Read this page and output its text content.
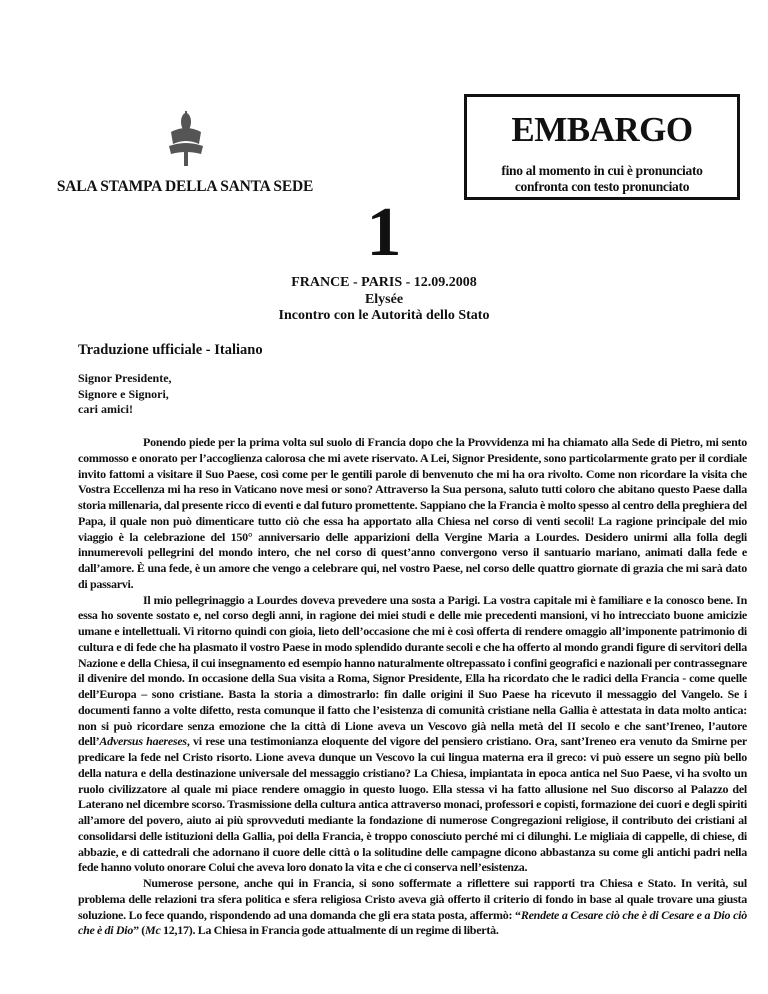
SALA STAMPA DELLA SANTA SEDE
EMBARGO
fino al momento in cui è pronunciato
confronta con testo pronunciato
1
FRANCE - PARIS - 12.09.2008
Elysée
Incontro con le Autorità dello Stato
Traduzione ufficiale - Italiano
Signor Presidente,
Signore e Signori,
cari amici!

Ponendo piede per la prima volta sul suolo di Francia dopo che la Provvidenza mi ha chiamato alla Sede di Pietro, mi sento commosso e onorato per l’accoglienza calorosa che mi avete riservato. A Lei, Signor Presidente, sono particolarmente grato per il cordiale invito fattomi a visitare il Suo Paese, così come per le gentili parole di benvenuto che mi ha ora rivolto. Come non ricordare la visita che Vostra Eccellenza mi ha reso in Vaticano nove mesi or sono? Attraverso la Sua persona, saluto tutti coloro che abitano questo Paese dalla storia millenaria, dal presente ricco di eventi e dal futuro promettente. Sappiano che la Francia è molto spesso al centro della preghiera del Papa, il quale non può dimenticare tutto ciò che essa ha apportato alla Chiesa nel corso di venti secoli! La ragione principale del mio viaggio è la celebrazione del 150° anniversario delle apparizioni della Vergine Maria a Lourdes. Desidero unirmi alla folla degli innumerevoli pellegrini del mondo intero, che nel corso di quest’anno convergono verso il santuario mariano, animati dalla fede e dall’amore. È una fede, è un amore che vengo a celebrare qui, nel vostro Paese, nel corso delle quattro giornate di grazia che mi sarà dato di passarvi.

Il mio pellegrinaggio a Lourdes doveva prevedere una sosta a Parigi. La vostra capitale mi è familiare e la conosco bene. In essa ho sovente sostato e, nel corso degli anni, in ragione dei miei studi e delle mie precedenti mansioni, vi ho intrecciato buone amicizie umane e intellettuali. Vi ritorno quindi con gioia, lieto dell’occasione che mi è così offerta di rendere omaggio all’imponente patrimonio di cultura e di fede che ha plasmato il vostro Paese in modo splendido durante secoli e che ha offerto al mondo grandi figure di servitori della Nazione e della Chiesa, il cui insegnamento ed esempio hanno naturalmente oltrepassato i confini geografici e nazionali per contrassegnare il divenire del mondo. In occasione della Sua visita a Roma, Signor Presidente, Ella ha ricordato che le radici della Francia - come quelle dell’Europa – sono cristiane. Basta la storia a dimostrarlo: fin dalle origini il Suo Paese ha ricevuto il messaggio del Vangelo. Se i documenti fanno a volte difetto, resta comunque il fatto che l’esistenza di comunità cristiane nella Gallia è attestata in data molto antica: non si può ricordare senza emozione che la città di Lione aveva un Vescovo già nella metà del II secolo e che sant’Ireneo, l’autore dell’Adversus haereses, vi rese una testimonianza eloquente del vigore del pensiero cristiano. Ora, sant’Ireneo era venuto da Smirne per predicare la fede nel Cristo risorto. Lione aveva dunque un Vescovo la cui lingua materna era il greco: vi può essere un segno più bello della natura e della destinazione universale del messaggio cristiano? La Chiesa, impiantata in epoca antica nel Suo Paese, vi ha svolto un ruolo civilizzatore al quale mi piace rendere omaggio in questo luogo. Ella stessa vi ha fatto allusione nel Suo discorso al Palazzo del Laterano nel dicembre scorso. Trasmissione della cultura antica attraverso monaci, professori e copisti, formazione dei cuori e degli spiriti all’amore del povero, aiuto ai più sprovveduti mediante la fondazione di numerose Congregazioni religiose, il contributo dei cristiani al consolidarsi delle istituzioni della Gallia, poi della Francia, è troppo conosciuto perché mi ci dilunghi. Le migliaia di cappelle, di chiese, di abbazie, e di cattedrali che adornano il cuore delle città o la solitudine delle campagne dicono abbastanza su come gli antichi padri nella fede hanno voluto onorare Colui che aveva loro donato la vita e che ci conserva nell’esistenza.

Numerose persone, anche qui in Francia, si sono soffermate a riflettere sui rapporti tra Chiesa e Stato. In verità, sul problema delle relazioni tra sfera politica e sfera religiosa Cristo aveva già offerto il criterio di fondo in base al quale trovare una giusta soluzione. Lo fece quando, rispondendo ad una domanda che gli era stata posta, affermò: “Rendete a Cesare ciò che è di Cesare e a Dio ciò che è di Dio” (Mc 12,17). La Chiesa in Francia gode attualmente di un regime di libertà.
